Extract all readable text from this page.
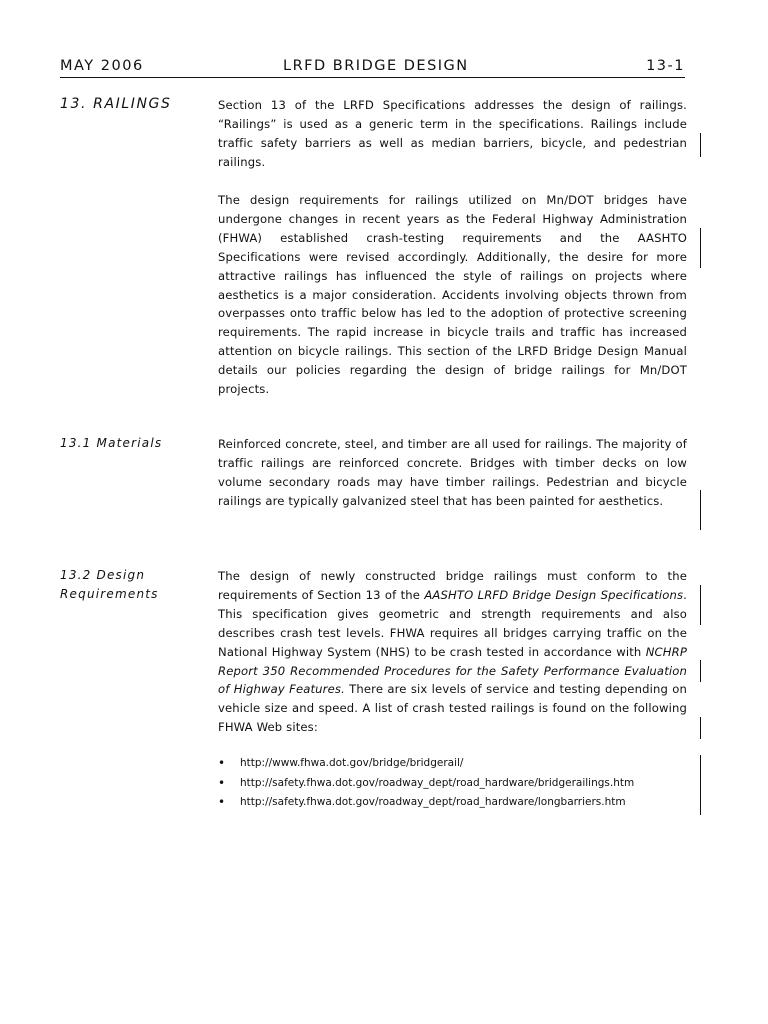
MAY 2006	LRFD BRIDGE DESIGN	13-1
13. RAILINGS	Section 13 of the LRFD Specifications addresses the design of railings. “Railings” is used as a generic term in the specifications. Railings include traffic safety barriers as well as median barriers, bicycle, and pedestrian railings.
The design requirements for railings utilized on Mn/DOT bridges have undergone changes in recent years as the Federal Highway Administration (FHWA) established crash-testing requirements and the AASHTO Specifications were revised accordingly. Additionally, the desire for more attractive railings has influenced the style of railings on projects where aesthetics is a major consideration. Accidents involving objects thrown from overpasses onto traffic below has led to the adoption of protective screening requirements. The rapid increase in bicycle trails and traffic has increased attention on bicycle railings. This section of the LRFD Bridge Design Manual details our policies regarding the design of bridge railings for Mn/DOT projects.
13.1 Materials	Reinforced concrete, steel, and timber are all used for railings. The majority of traffic railings are reinforced concrete. Bridges with timber decks on low volume secondary roads may have timber railings. Pedestrian and bicycle railings are typically galvanized steel that has been painted for aesthetics.
13.2 Design
Requirements
The design of newly constructed bridge railings must conform to the requirements of Section 13 of the AASHTO LRFD Bridge Design Specifications. This specification gives geometric and strength requirements and also describes crash test levels. FHWA requires all bridges carrying traffic on the National Highway System (NHS) to be crash tested in accordance with NCHRP Report 350 Recommended Procedures for the Safety Performance Evaluation of Highway Features. There are six levels of service and testing depending on vehicle size and speed. A list of crash tested railings is found on the following FHWA Web sites:
• http://www.fhwa.dot.gov/bridge/bridgerail/
• http://safety.fhwa.dot.gov/roadway_dept/road_hardware/bridgerailings.htm
• http://safety.fhwa.dot.gov/roadway_dept/road_hardware/longbarriers.htm
